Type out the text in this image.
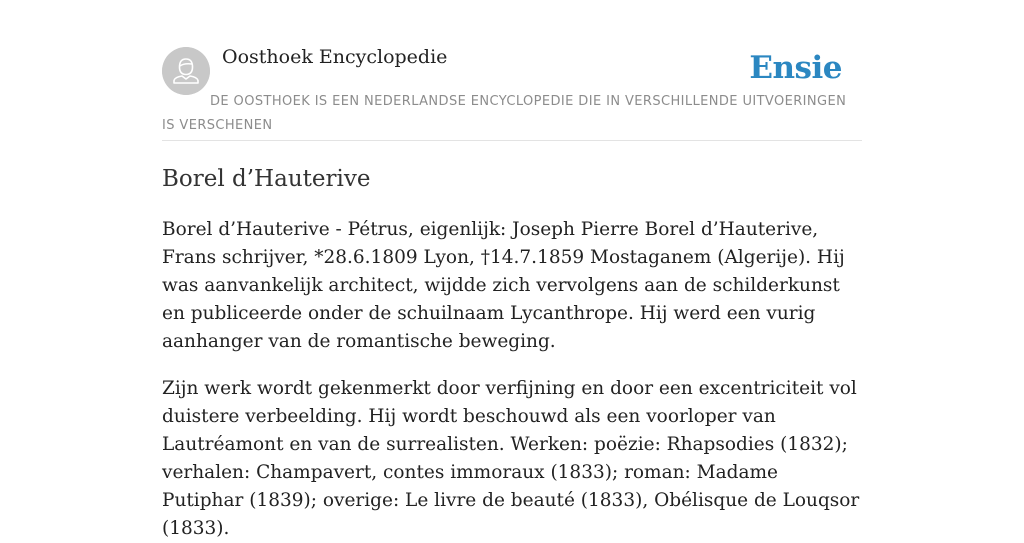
Oosthoek Encyclopedie	Ensie
DE OOSTHOEK IS EEN NEDERLANDSE ENCYCLOPEDIE DIE IN VERSCHILLENDE UITVOERINGEN IS VERSCHENEN
Borel d’Hauterive

Borel d’Hauterive - Pétrus, eigenlijk: Joseph Pierre Borel d’Hauterive, Frans schrijver, *28.6.1809 Lyon, †14.7.1859 Mostaganem (Algerije). Hij was aanvankelijk architect, wijdde zich vervolgens aan de schilderkunst en publiceerde onder de schuilnaam Lycanthrope. Hij werd een vurig aanhanger van de romantische beweging.

Zijn werk wordt gekenmerkt door verfijning en door een excentriciteit vol duistere verbeelding. Hij wordt beschouwd als een voorloper van Lautréamont en van de surrealisten. Werken: poëzie: Rhapsodies (1832); verhalen: Champavert, contes immoraux (1833); roman: Madame Putiphar (1839); overige: Le livre de beauté (1833), Obélisque de Louqsor (1833).
